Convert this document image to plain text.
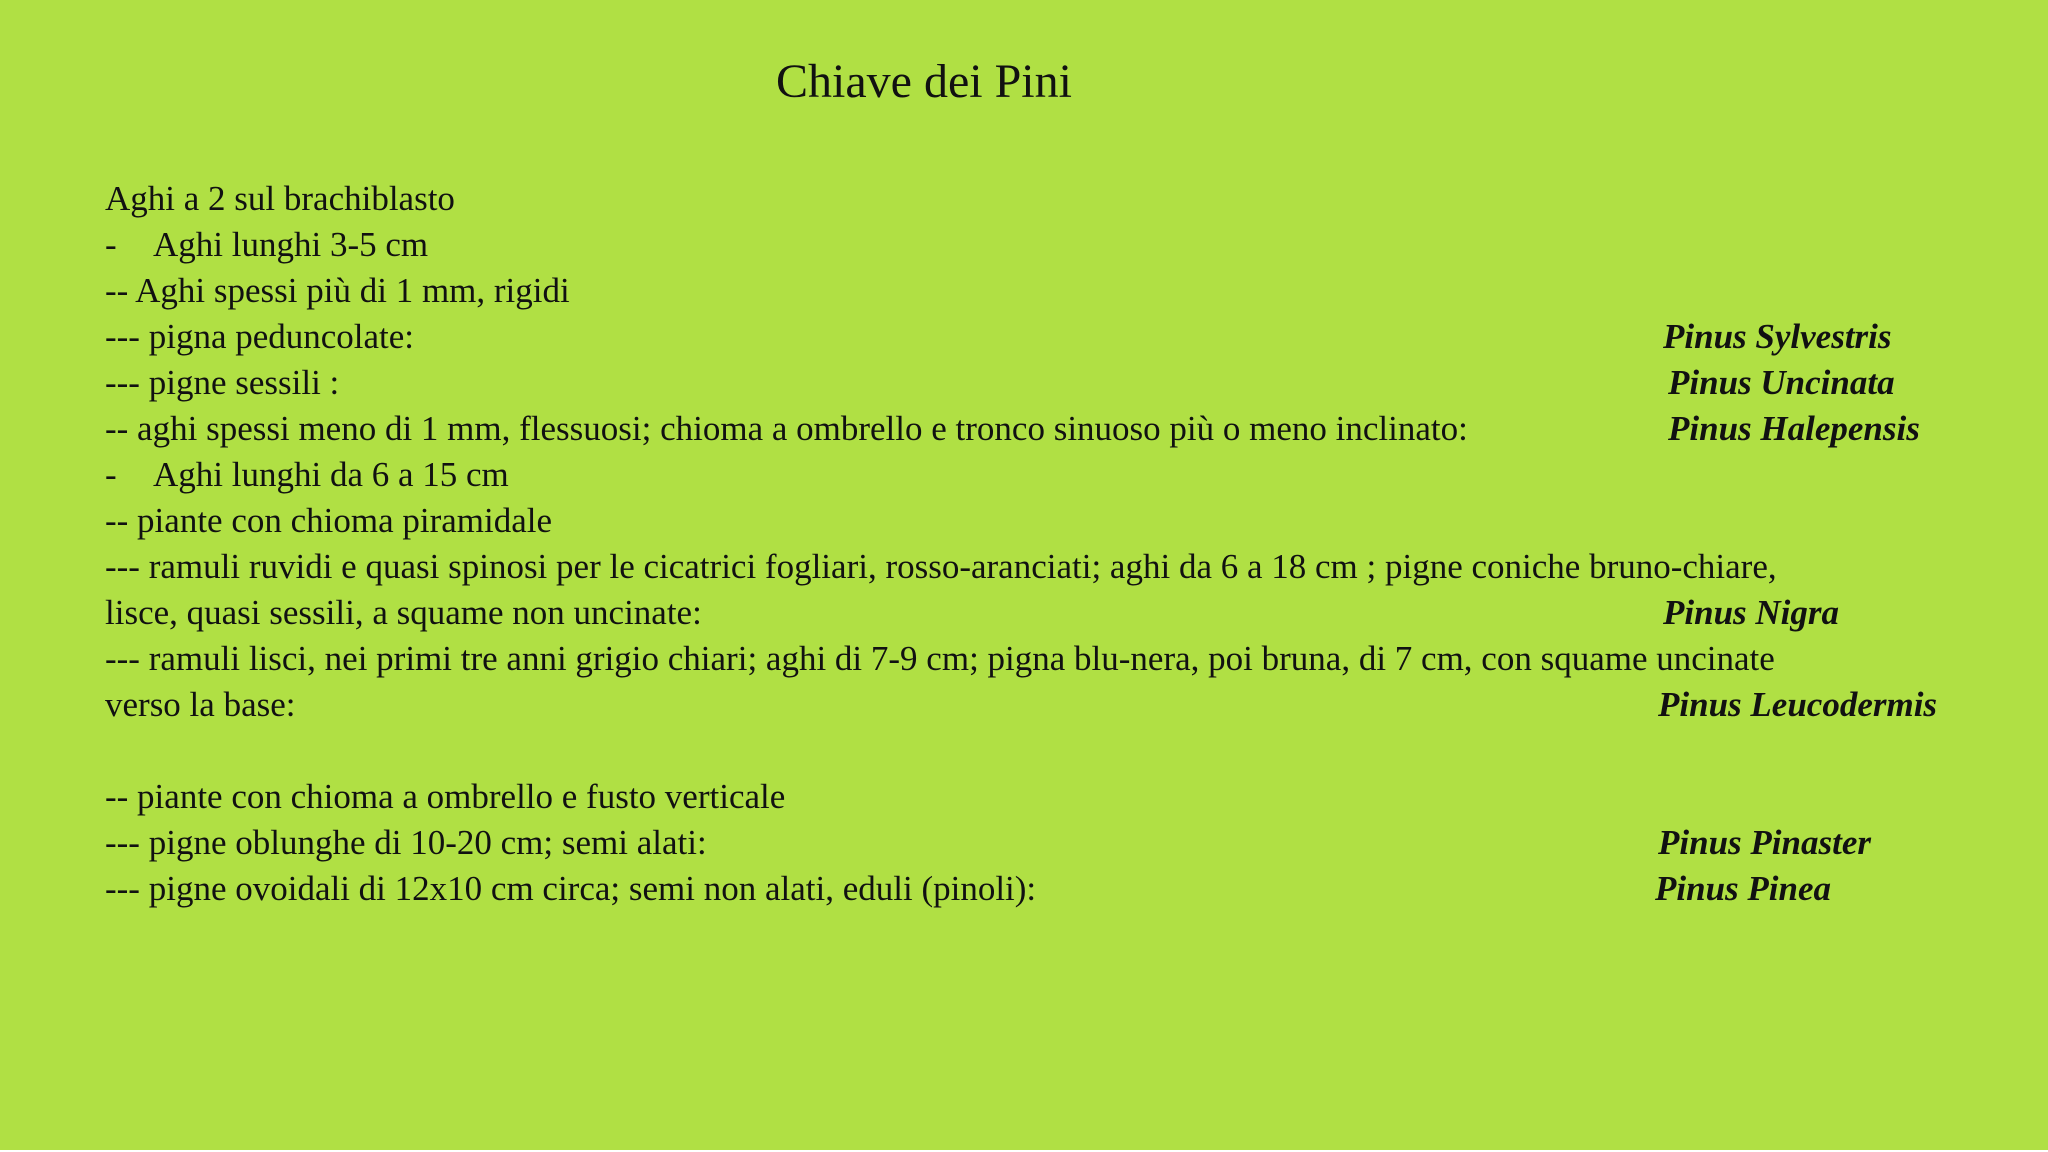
Chiave dei Pini
Aghi a 2 sul brachiblasto
- Aghi lunghi 3-5 cm
-- Aghi spessi più di 1 mm, rigidi
--- pigna peduncolate:
--- pigne sessili :
-- aghi spessi meno di 1 mm, flessuosi; chioma a ombrello e tronco sinuoso più o meno inclinato:
- Aghi lunghi da 6 a 15 cm
-- piante con chioma piramidale
--- ramuli ruvidi e quasi spinosi per le cicatrici fogliari, rosso-aranciati; aghi da 6 a 18 cm ; pigne coniche bruno-chiare,
lisce, quasi sessili, a squame non uncinate:
--- ramuli lisci, nei primi tre anni grigio chiari; aghi di 7-9 cm; pigna blu-nera, poi bruna, di 7 cm, con squame uncinate
verso la base:
-- piante con chioma a ombrello e fusto verticale
--- pigne oblunghe di 10-20 cm; semi alati:
--- pigne ovoidali di 12x10 cm circa; semi non alati, eduli (pinoli):
Pinus Sylvestris
Pinus Uncinata
Pinus Halepensis
Pinus Nigra
Pinus Leucodermis
Pinus Pinaster
Pinus Pinea
